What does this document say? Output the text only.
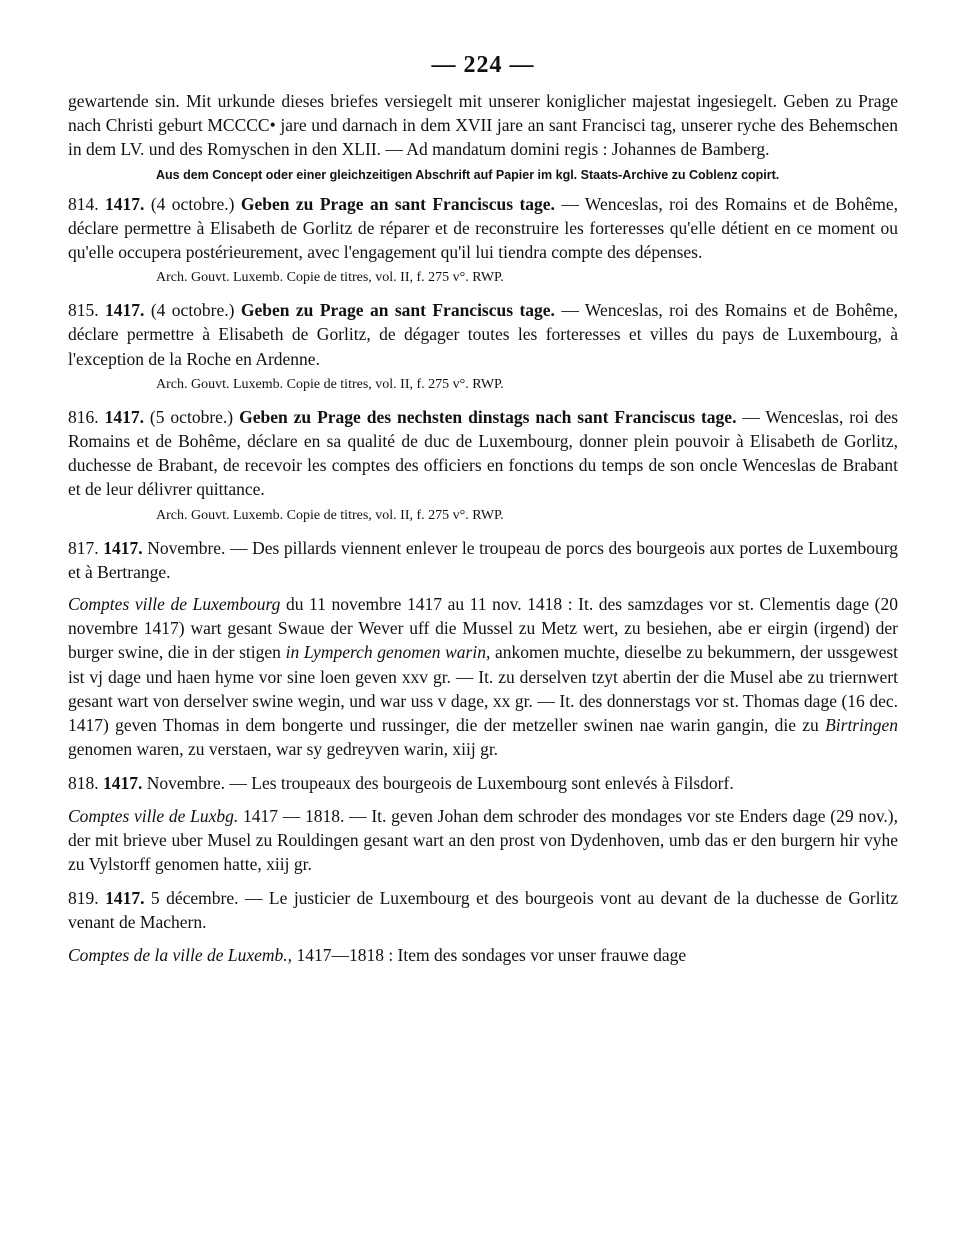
— 224 —

gewartende sin. Mit urkunde dieses briefes versiegelt mit unserer koniglicher majestat ingesiegelt. Geben zu Prage nach Christi geburt MCCCC• jare und darnach in dem XVII jare an sant Francisci tag, unserer ryche des Behemschen in dem LV. und des Romyschen in den XLII. — Ad mandatum domini regis : Johannes de Bamberg.

Aus dem Concept oder einer gleichzeitigen Abschrift auf Papier im kgl. Staats-Archive zu Coblenz copirt.

814. 1417. (4 octobre.) Geben zu Prage an sant Franciscus tage. — Wenceslas, roi des Romains et de Bohême, déclare permettre à Elisabeth de Gorlitz de réparer et de reconstruire les forteresses qu'elle détient en ce moment ou qu'elle occupera postérieurement, avec l'engagement qu'il lui tiendra compte des dépenses.

Arch. Gouvt. Luxemb. Copie de titres, vol. II, f. 275 v°. RWP.

815. 1417. (4 octobre.) Geben zu Prage an sant Franciscus tage. — Wenceslas, roi des Romains et de Bohême, déclare permettre à Elisabeth de Gorlitz, de dégager toutes les forteresses et villes du pays de Luxembourg, à l'exception de la Roche en Ardenne.

Arch. Gouvt. Luxemb. Copie de titres, vol. II, f. 275 v°. RWP.

816. 1417. (5 octobre.) Geben zu Prage des nechsten dinstags nach sant Franciscus tage. — Wenceslas, roi des Romains et de Bohême, déclare en sa qualité de duc de Luxembourg, donner plein pouvoir à Elisabeth de Gorlitz, duchesse de Brabant, de recevoir les comptes des officiers en fonctions du temps de son oncle Wenceslas de Brabant et de leur délivrer quittance.

Arch. Gouvt. Luxemb. Copie de titres, vol. II, f. 275 v°. RWP.

817. 1417. Novembre. — Des pillards viennent enlever le troupeau de porcs des bourgeois aux portes de Luxembourg et à Bertrange.

Comptes ville de Luxembourg du 11 novembre 1417 au 11 nov. 1418 : It. des samzdages vor st. Clementis dage (20 novembre 1417) wart gesant Swaue der Wever uff die Mussel zu Metz wert, zu besiehen, abe er eirgin (irgend) der burger swine, die in der stigen in Lymperch genomen warin, ankomen muchte, dieselbe zu bekummern, der ussgewest ist vj dage und haen hyme vor sine loen geven xxv gr. — It. zu derselven tzyt abertin der die Musel abe zu triernwert gesant wart von derselver swine wegin, und war uss v dage, xx gr. — It. des donnerstags vor st. Thomas dage (16 dec. 1417) geven Thomas in dem bongerte und russinger, die der metzeller swinen nae warin gangin, die zu Birtringen genomen waren, zu verstaen, war sy gedreyven warin, xiij gr.

818. 1417. Novembre. — Les troupeaux des bourgeois de Luxembourg sont enlevés à Filsdorf.

Comptes ville de Luxbg. 1417 — 1818. — It. geven Johan dem schroder des mondages vor ste Enders dage (29 nov.), der mit brieve uber Musel zu Rouldingen gesant wart an den prost von Dydenhoven, umb das er den burgern hir vyhe zu Vylstorff genomen hatte, xiij gr.

819. 1417. 5 décembre. — Le justicier de Luxembourg et des bourgeois vont au devant de la duchesse de Gorlitz venant de Machern.

Comptes de la ville de Luxemb., 1417—1818 : Item des sondages vor unser frauwe dage
